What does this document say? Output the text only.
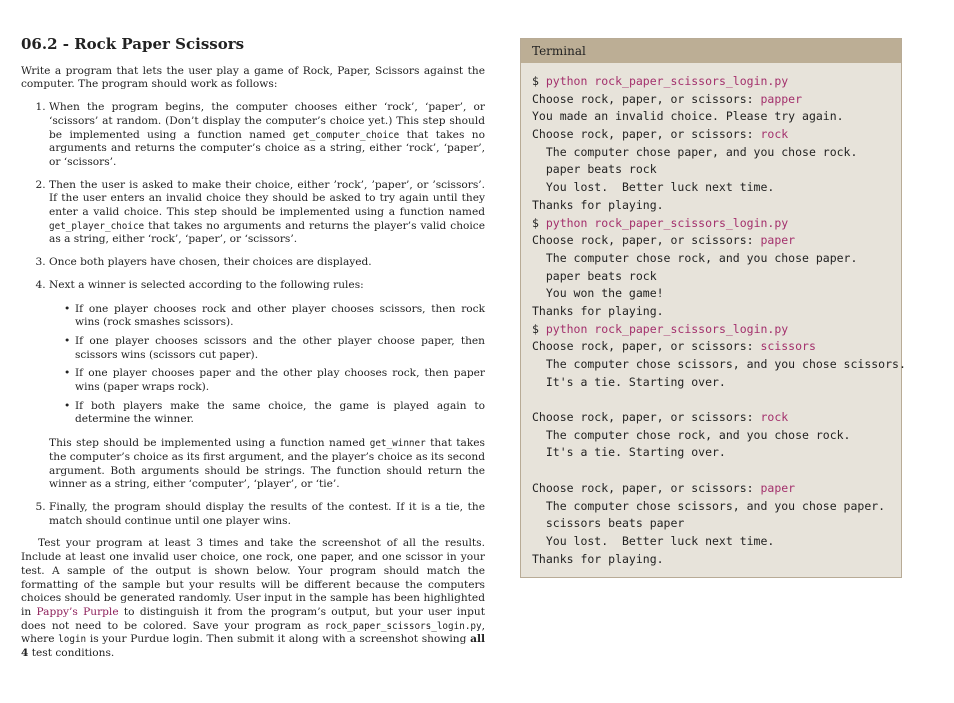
06.2 - Rock Paper Scissors

Write a program that lets the user play a game of Rock, Paper, Scissors against the computer. The program should work as follows:

1. When the program begins, the computer chooses either ‘rock’, ‘paper’, or ‘scissors’ at random. (Don’t display the computer’s choice yet.) This step should be implemented using a function named get_computer_choice that takes no arguments and returns the computer’s choice as a string, either ‘rock’, ‘paper’, or ‘scissors’.
2. Then the user is asked to make their choice, either ’rock’, ’paper’, or ’scissors’. If the user enters an invalid choice they should be asked to try again until they enter a valid choice. This step should be implemented using a function named get_player_choice that takes no arguments and returns the player’s valid choice as a string, either ‘rock’, ‘paper’, or ‘scissors’.
3. Once both players have chosen, their choices are displayed.
4. Next a winner is selected according to the following rules:
• If one player chooses rock and other player chooses scissors, then rock wins (rock smashes scissors).
• If one player chooses scissors and the other player choose paper, then scissors wins (scissors cut paper).
• If one player chooses paper and the other play chooses rock, then paper wins (paper wraps rock).
• If both players make the same choice, the game is played again to determine the winner.

This step should be implemented using a function named get_winner that takes the computer’s choice as its first argument, and the player’s choice as its second argument. Both arguments should be strings. The function should return the winner as a string, either ‘computer’, ‘player’, or ‘tie’.

5. Finally, the program should display the results of the contest. If it is a tie, the match should continue until one player wins.

Test your program at least 3 times and take the screenshot of all the results. Include at least one invalid user choice, one rock, one paper, and one scissor in your test. A sample of the output is shown below. Your program should match the formatting of the sample but your results will be different because the computers choices should be generated randomly. User input in the sample has been highlighted in Pappy’s Purple to distinguish it from the program’s output, but your user input does not need to be colored. Save your program as rock_paper_scissors_login.py, where login is your Purdue login. Then submit it along with a screenshot showing all 4 test conditions.

Terminal
$ python rock_paper_scissors_login.py
Choose rock, paper, or scissors: papper
You made an invalid choice. Please try again.
Choose rock, paper, or scissors: rock
The computer chose paper, and you chose rock.
paper beats rock
You lost.  Better luck next time.
Thanks for playing.
$ python rock_paper_scissors_login.py
Choose rock, paper, or scissors: paper
The computer chose rock, and you chose paper.
paper beats rock
You won the game!
Thanks for playing.
$ python rock_paper_scissors_login.py
Choose rock, paper, or scissors: scissors
The computer chose scissors, and you chose scissors.
It's a tie. Starting over.
Choose rock, paper, or scissors: rock
The computer chose rock, and you chose rock.
It's a tie. Starting over.
Choose rock, paper, or scissors: paper
The computer chose scissors, and you chose paper.
scissors beats paper
You lost.  Better luck next time.
Thanks for playing.
